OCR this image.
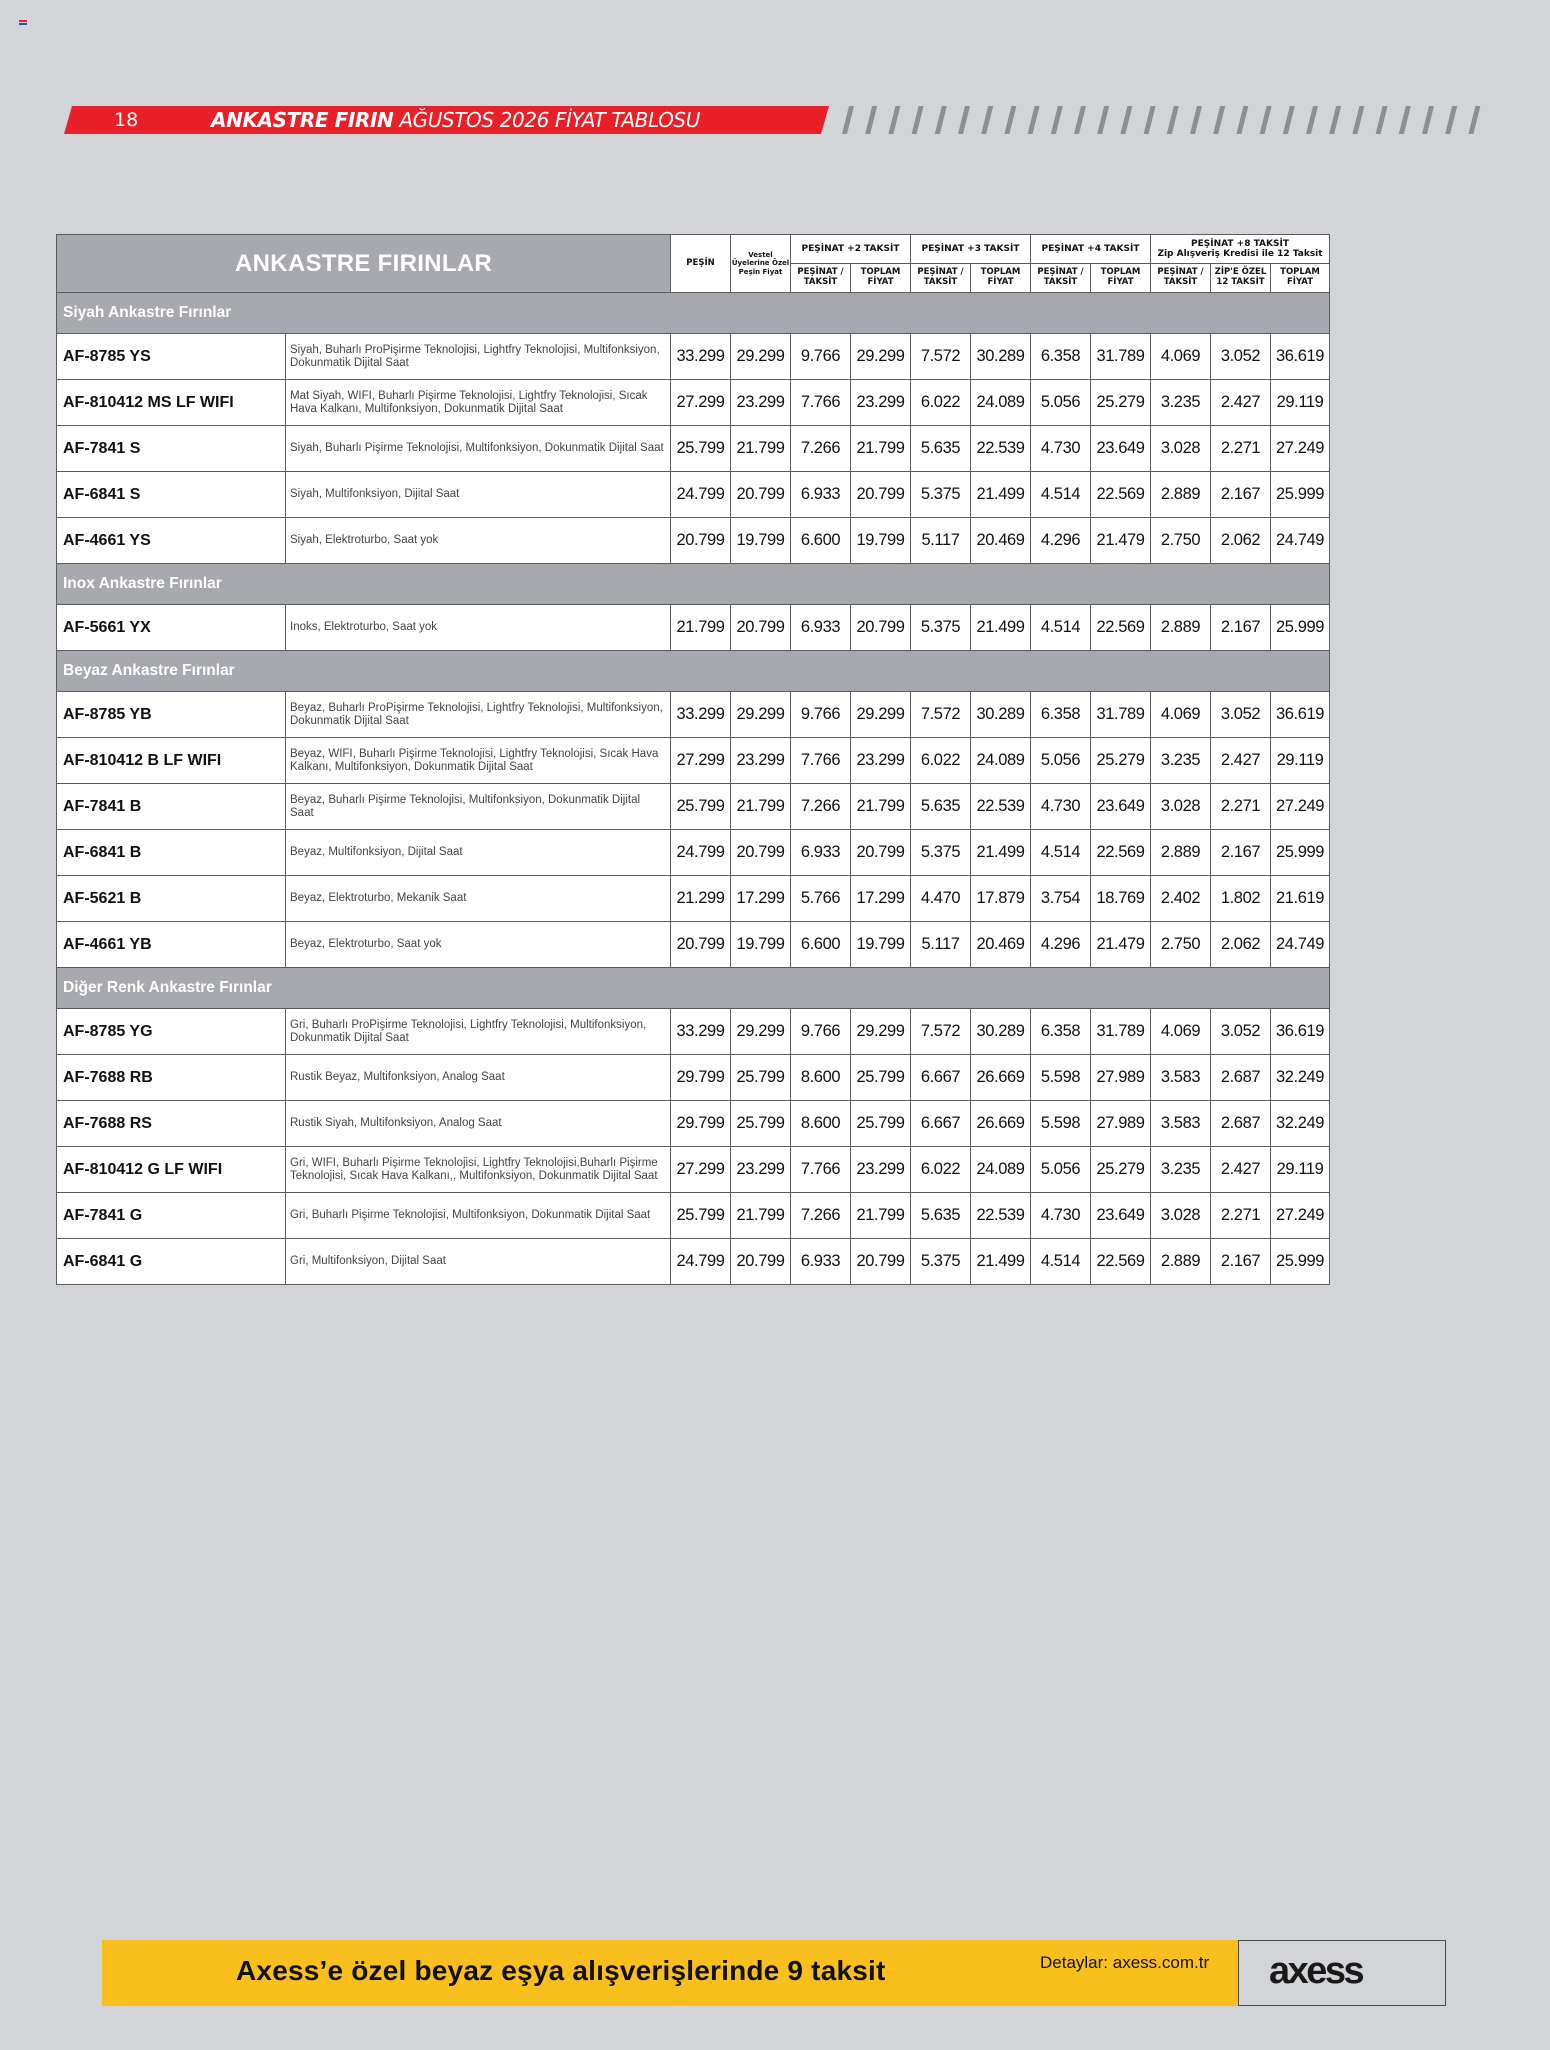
18	ANKASTRE FIRIN AĞUSTOS 2026 FİYAT TABLOSU
ANKASTRE FIRINLAR		PEŞİN	Vestel Üyelerine Özel Peşin Fiyat	PEŞİNAT +2 TAKSİT		PEŞİNAT +3 TAKSİT		PEŞİNAT +4 TAKSİT		PEŞİNAT +8 TAKSİT
Zip Alışveriş Kredisi ile 12 Taksit		

				PEŞİNAT / TAKSİT	TOPLAM FİYAT	PEŞİNAT / TAKSİT	TOPLAM FİYAT	PEŞİNAT / TAKSİT	TOPLAM FİYAT	PEŞİNAT / TAKSİT	ZİP'E ÖZEL 12 TAKSİT	TOPLAM FİYAT
Siyah Ankastre Fırınlar												
AF-8785 YS	Siyah, Buharlı ProPişirme Teknolojisi, Lightfry Teknolojisi, Multifonksiyon, Dokunmatik Dijital Saat	33.299	29.299	9.766	29.299	7.572	30.289	6.358	31.789	4.069	3.052	36.619
AF-810412 MS LF WIFI	Mat Siyah, WIFI, Buharlı Pişirme Teknolojisi, Lightfry Teknolojisi, Sıcak Hava Kalkanı, Multifonksiyon, Dokunmatik Dijital Saat	27.299	23.299	7.766	23.299	6.022	24.089	5.056	25.279	3.235	2.427	29.119
AF-7841 S	Siyah, Buharlı Pişirme Teknolojisi, Multifonksiyon, Dokunmatik Dijital Saat	25.799	21.799	7.266	21.799	5.635	22.539	4.730	23.649	3.028	2.271	27.249
AF-6841 S	Siyah, Multifonksiyon, Dijital Saat	24.799	20.799	6.933	20.799	5.375	21.499	4.514	22.569	2.889	2.167	25.999
AF-4661 YS	Siyah, Elektroturbo, Saat yok	20.799	19.799	6.600	19.799	5.117	20.469	4.296	21.479	2.750	2.062	24.749
Inox Ankastre Fırınlar												
AF-5661 YX	Inoks, Elektroturbo, Saat yok	21.799	20.799	6.933	20.799	5.375	21.499	4.514	22.569	2.889	2.167	25.999
Beyaz Ankastre Fırınlar												
AF-8785 YB	Beyaz, Buharlı ProPişirme Teknolojisi, Lightfry Teknolojisi, Multifonksiyon, Dokunmatik Dijital Saat	33.299	29.299	9.766	29.299	7.572	30.289	6.358	31.789	4.069	3.052	36.619
AF-810412 B LF WIFI	Beyaz, WIFI, Buharlı Pişirme Teknolojisi, Lightfry Teknolojisi, Sıcak Hava Kalkanı, Multifonksiyon, Dokunmatik Dijital Saat	27.299	23.299	7.766	23.299	6.022	24.089	5.056	25.279	3.235	2.427	29.119
AF-7841 B	Beyaz, Buharlı Pişirme Teknolojisi, Multifonksiyon, Dokunmatik Dijital Saat	25.799	21.799	7.266	21.799	5.635	22.539	4.730	23.649	3.028	2.271	27.249
AF-6841 B	Beyaz, Multifonksiyon, Dijital Saat	24.799	20.799	6.933	20.799	5.375	21.499	4.514	22.569	2.889	2.167	25.999
AF-5621 B	Beyaz, Elektroturbo, Mekanik Saat	21.299	17.299	5.766	17.299	4.470	17.879	3.754	18.769	2.402	1.802	21.619
AF-4661 YB	Beyaz, Elektroturbo, Saat yok	20.799	19.799	6.600	19.799	5.117	20.469	4.296	21.479	2.750	2.062	24.749
Diğer Renk Ankastre Fırınlar												
AF-8785 YG	Gri, Buharlı ProPişirme Teknolojisi, Lightfry Teknolojisi, Multifonksiyon, Dokunmatik Dijital Saat	33.299	29.299	9.766	29.299	7.572	30.289	6.358	31.789	4.069	3.052	36.619
AF-7688 RB	Rustik Beyaz, Multifonksiyon, Analog Saat	29.799	25.799	8.600	25.799	6.667	26.669	5.598	27.989	3.583	2.687	32.249
AF-7688 RS	Rustik Siyah, Multifonksiyon, Analog Saat	29.799	25.799	8.600	25.799	6.667	26.669	5.598	27.989	3.583	2.687	32.249
AF-810412 G LF WIFI	Gri, WIFI, Buharlı Pişirme Teknolojisi, Lightfry Teknolojisi,Buharlı Pişirme Teknolojisi, Sıcak Hava Kalkanı,, Multifonksiyon, Dokunmatik Dijital Saat	27.299	23.299	7.766	23.299	6.022	24.089	5.056	25.279	3.235	2.427	29.119
AF-7841 G	Gri, Buharlı Pişirme Teknolojisi, Multifonksiyon, Dokunmatik Dijital Saat	25.799	21.799	7.266	21.799	5.635	22.539	4.730	23.649	3.028	2.271	27.249
AF-6841 G	Gri, Multifonksiyon, Dijital Saat	24.799	20.799	6.933	20.799	5.375	21.499	4.514	22.569	2.889	2.167	25.999
Axess’e özel beyaz eşya alışverişlerinde 9 taksit	Detaylar: axess.com.tr axess
